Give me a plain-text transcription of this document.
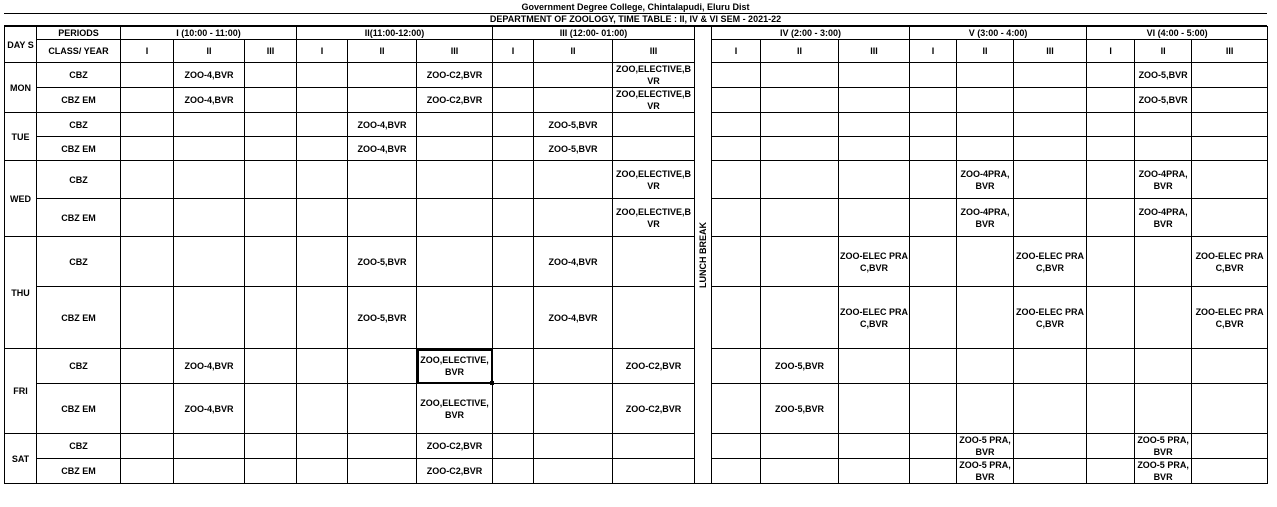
Government Degree College, Chintalapudi, Eluru Dist
DEPARTMENT OF ZOOLOGY, TIME TABLE : II, IV & VI SEM - 2021-22
DAY S	PERIODS	I (10:00 - 11:00)			II(11:00-12:00)			III (12:00- 01:00)			LUNCH BREAK	IV (2:00 - 3:00)			V (3:00 - 4:00)			VI (4:00 - 5:00)		
	CLASS/ YEAR	I	II	III	I	II	III	I	II	III		I	II	III	I	II	III	I	II	III
MON	CBZ		ZOO-4,BVR				ZOO-C2,BVR			ZOO,ELECTIVE,BVR									ZOO-5,BVR	
	CBZ EM		ZOO-4,BVR				ZOO-C2,BVR			ZOO,ELECTIVE,BVR									ZOO-5,BVR	
TUE	CBZ					ZOO-4,BVR			ZOO-5,BVR											
	CBZ EM					ZOO-4,BVR			ZOO-5,BVR											
WED	CBZ									ZOO,ELECTIVE,BVR						ZOO-4PRA,BVR			ZOO-4PRA,BVR	
	CBZ EM									ZOO,ELECTIVE,BVR						ZOO-4PRA,BVR			ZOO-4PRA,BVR	
THU	CBZ					ZOO-5,BVR			ZOO-4,BVR					ZOO-ELEC PRAC,BVR			ZOO-ELEC PRAC,BVR			ZOO-ELEC PRAC,BVR
	CBZ EM					ZOO-5,BVR			ZOO-4,BVR					ZOO-ELEC PRAC,BVR			ZOO-ELEC PRAC,BVR			ZOO-ELEC PRAC,BVR
FRI	CBZ		ZOO-4,BVR				ZOO,ELECTIVE,BVR			ZOO-C2,BVR			ZOO-5,BVR							
	CBZ EM		ZOO-4,BVR				ZOO,ELECTIVE,BVR			ZOO-C2,BVR			ZOO-5,BVR							
SAT	CBZ						ZOO-C2,BVR									ZOO-5 PRA,BVR			ZOO-5 PRA,BVR	
	CBZ EM						ZOO-C2,BVR									ZOO-5 PRA,BVR			ZOO-5 PRA,BVR	
